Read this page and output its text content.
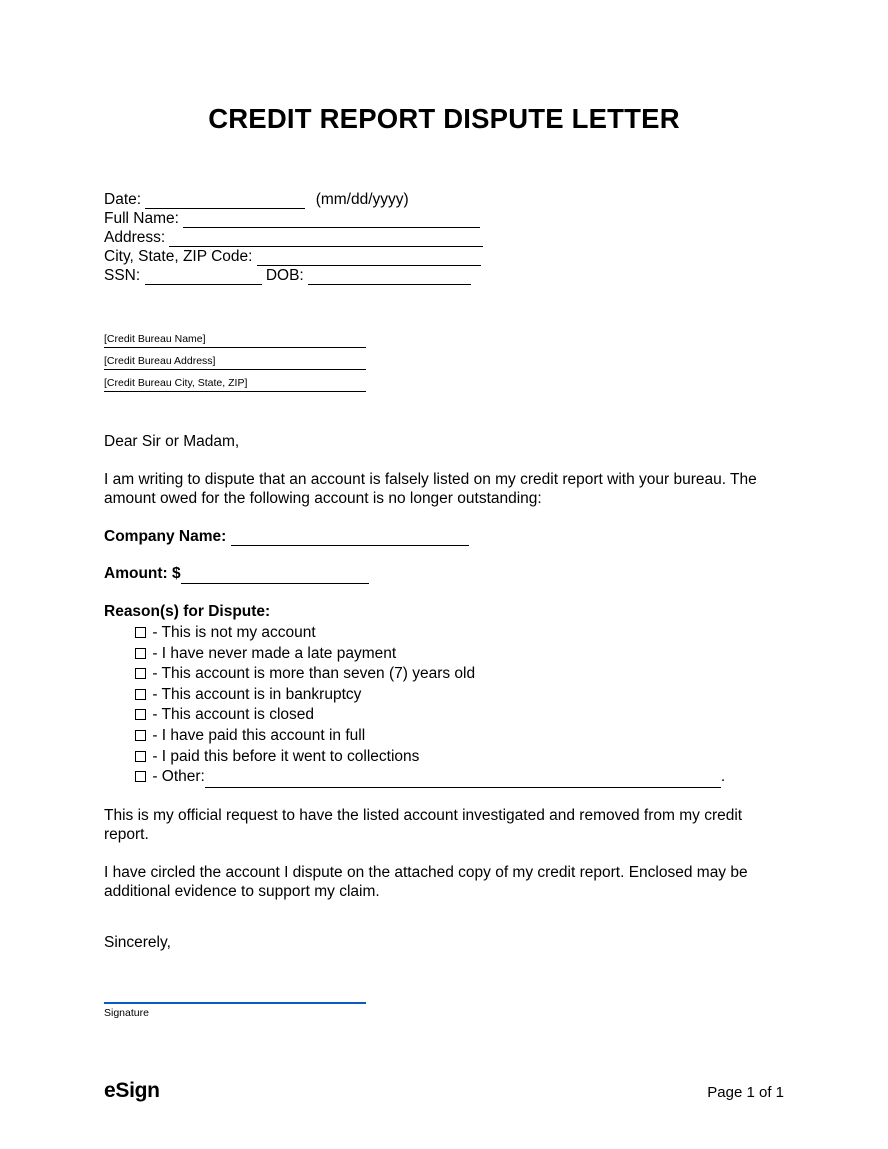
CREDIT REPORT DISPUTE LETTER
Date:	(mm/dd/yyyy)
Full Name:
Address:
City, State, ZIP Code:
SSN:	DOB:
[Credit Bureau Name]
[Credit Bureau Address]
[Credit Bureau City, State, ZIP]

Dear Sir or Madam,

I am writing to dispute that an account is falsely listed on my credit report with your bureau. The amount owed for the following account is no longer outstanding:

Company Name:

Amount: $

Reason(s) for Dispute:

- This is not my account
- I have never made a late payment
- This account is more than seven (7) years old
- This account is in bankruptcy
- This account is closed
- I have paid this account in full
- I paid this before it went to collections
- Other:	.

This is my official request to have the listed account investigated and removed from my credit report.

I have circled the account I dispute on the attached copy of my credit report. Enclosed may be additional evidence to support my claim.

Sincerely,

Signature
eSign	Page 1 of 1
